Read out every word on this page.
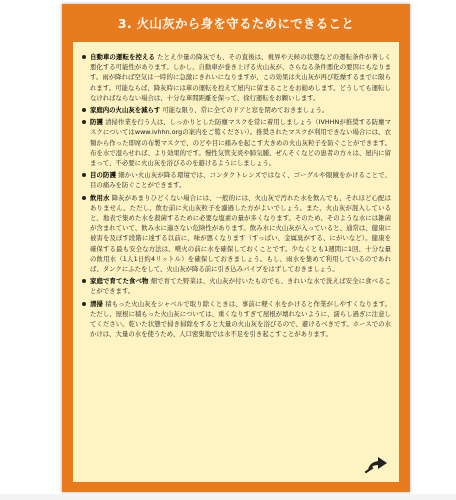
3. 火山灰から身を守るためにできること
自動車の運転を控える たとえ少量の降灰でも、その直後は、視界や天候の状態などの運転条件が著しく悪化する可能性があります。しかし、自動車が巻き上げる火山灰が、さらなる条件悪化の要因にもなります。雨が降れば空気は一時的に急激にきれいになりますが、この効果は火山灰が再び乾燥するまでに限られます。可能ならば、降灰時には車の運転を控えて屋内に留まることをお勧めします。どうしても運転しなければならない場合は、十分な車間距離を保って、徐行運転をお願いします。
家庭内の火山灰を減らす 可能な限り、常に全てのドアと窓を閉めておきましょう。
防護 清掃作業を行う人は、しっかりとした防塵マスクを常に着用しましょう（IVHHNが推奨する防塵マスクについてはwww.ivhhn.orgの案内をご覧ください）。推奨されたマスクが利用できない場合には、衣類から作った即席の布製マスクで、のどや目に痛みを起こす大きめの火山灰粒子を防ぐことができます。布を水で湿らせれば、より効果的です。慢性気管支炎や肺気腫、ぜんそくなどの患者の方々は、屋内に留まって、不必要に火山灰を浴びるのを避けるようにしましょう。
目の防護 細かい火山灰が降る環境では、コンタクトレンズではなく、ゴーグルや眼鏡をかけることで、目の痛みを防ぐことができます。
飲用水 降灰があまりひどくない場合には、一般的には、火山灰で汚れた水を飲んでも、それほど心配はありません。ただし、飲む前に火山灰粒子を濾過した方がよいでしょう。また、火山灰が混入していると、地表で集めた水を殺菌するために必要な塩素の量が多くなります。そのため、そのような水には雑菌が含まれていて、飲み水に適さない危険性があります。飲み水に火山灰が入っていると、通常は、健康に被害を及ぼす段階に達する以前に、味が悪くなります（すっぱい、金属臭がする、にがいなど）。健康を確保する最も安全な方法は、噴火の前に水を確保しておくことです。少なくとも1週間に1回、十分な量の飲用水（1人1日約4リットル）を確保しておきましょう。もし、雨水を集めて利用しているのであれば、タンクにふたをして、火山灰が降る前に引き込みパイプをはずしておきましょう。
家庭で育てた食べ物 畑で育てた野菜は、火山灰が付いたものでも、きれいな水で洗えば安全に食べることができます。
清掃 積もった火山灰をシャベルで取り除くときは、事前に軽く水をかけると作業がしやすくなります。ただし、屋根に積もった火山灰については、重くなりすぎて屋根が壊れないように、濡らし過ぎに注意してください。乾いた状態で掃き掃除をすると大量の火山灰を浴びるので、避けるべきです。ホースでの水かけは、大量の水を使うため、人口密集地では水不足を引き起こすことがあります。
